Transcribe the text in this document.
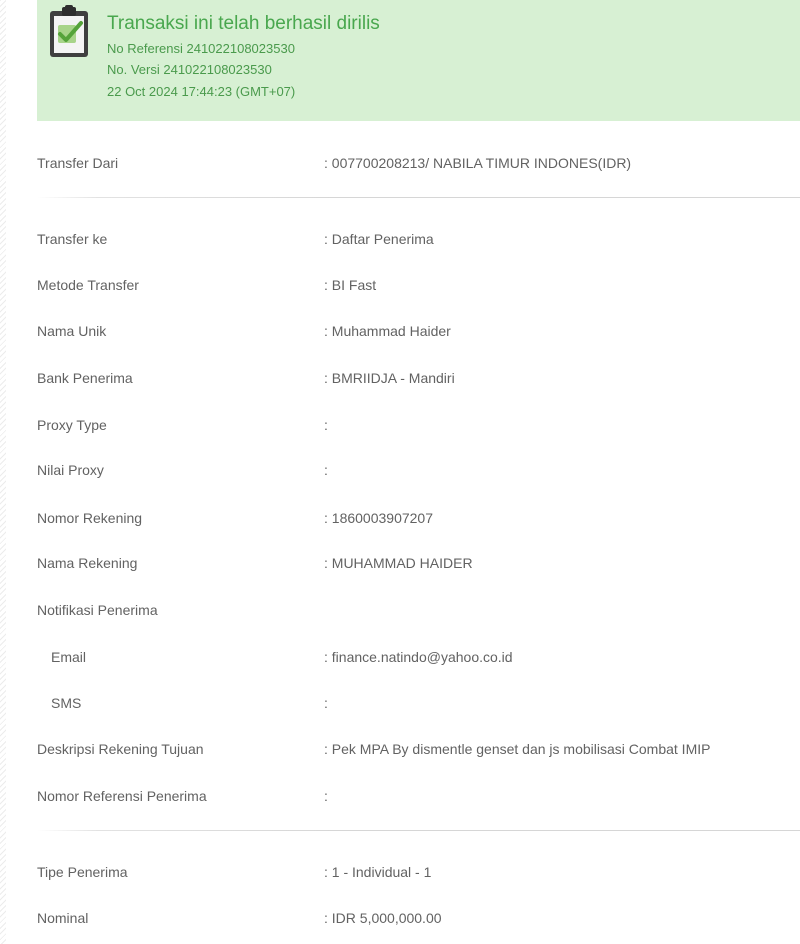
Transaksi ini telah berhasil dirilis
No Referensi 241022108023530
No. Versi 241022108023530
22 Oct 2024 17:44:23 (GMT+07)
Transfer Dari	: 007700208213/ NABILA TIMUR INDONES(IDR)
Transfer ke	: Daftar Penerima
Metode Transfer	: BI Fast
Nama Unik	: Muhammad Haider
Bank Penerima	: BMRIIDJA - Mandiri
Proxy Type	:
Nilai Proxy	:
Nomor Rekening	: 1860003907207
Nama Rekening	: MUHAMMAD HAIDER
Notifikasi Penerima
Email	: finance.natindo@yahoo.co.id
SMS	:
Deskripsi Rekening Tujuan	: Pek MPA By dismentle genset dan js mobilisasi Combat IMIP
Nomor Referensi Penerima	:
Tipe Penerima	: 1 - Individual - 1
Nominal	: IDR 5,000,000.00
